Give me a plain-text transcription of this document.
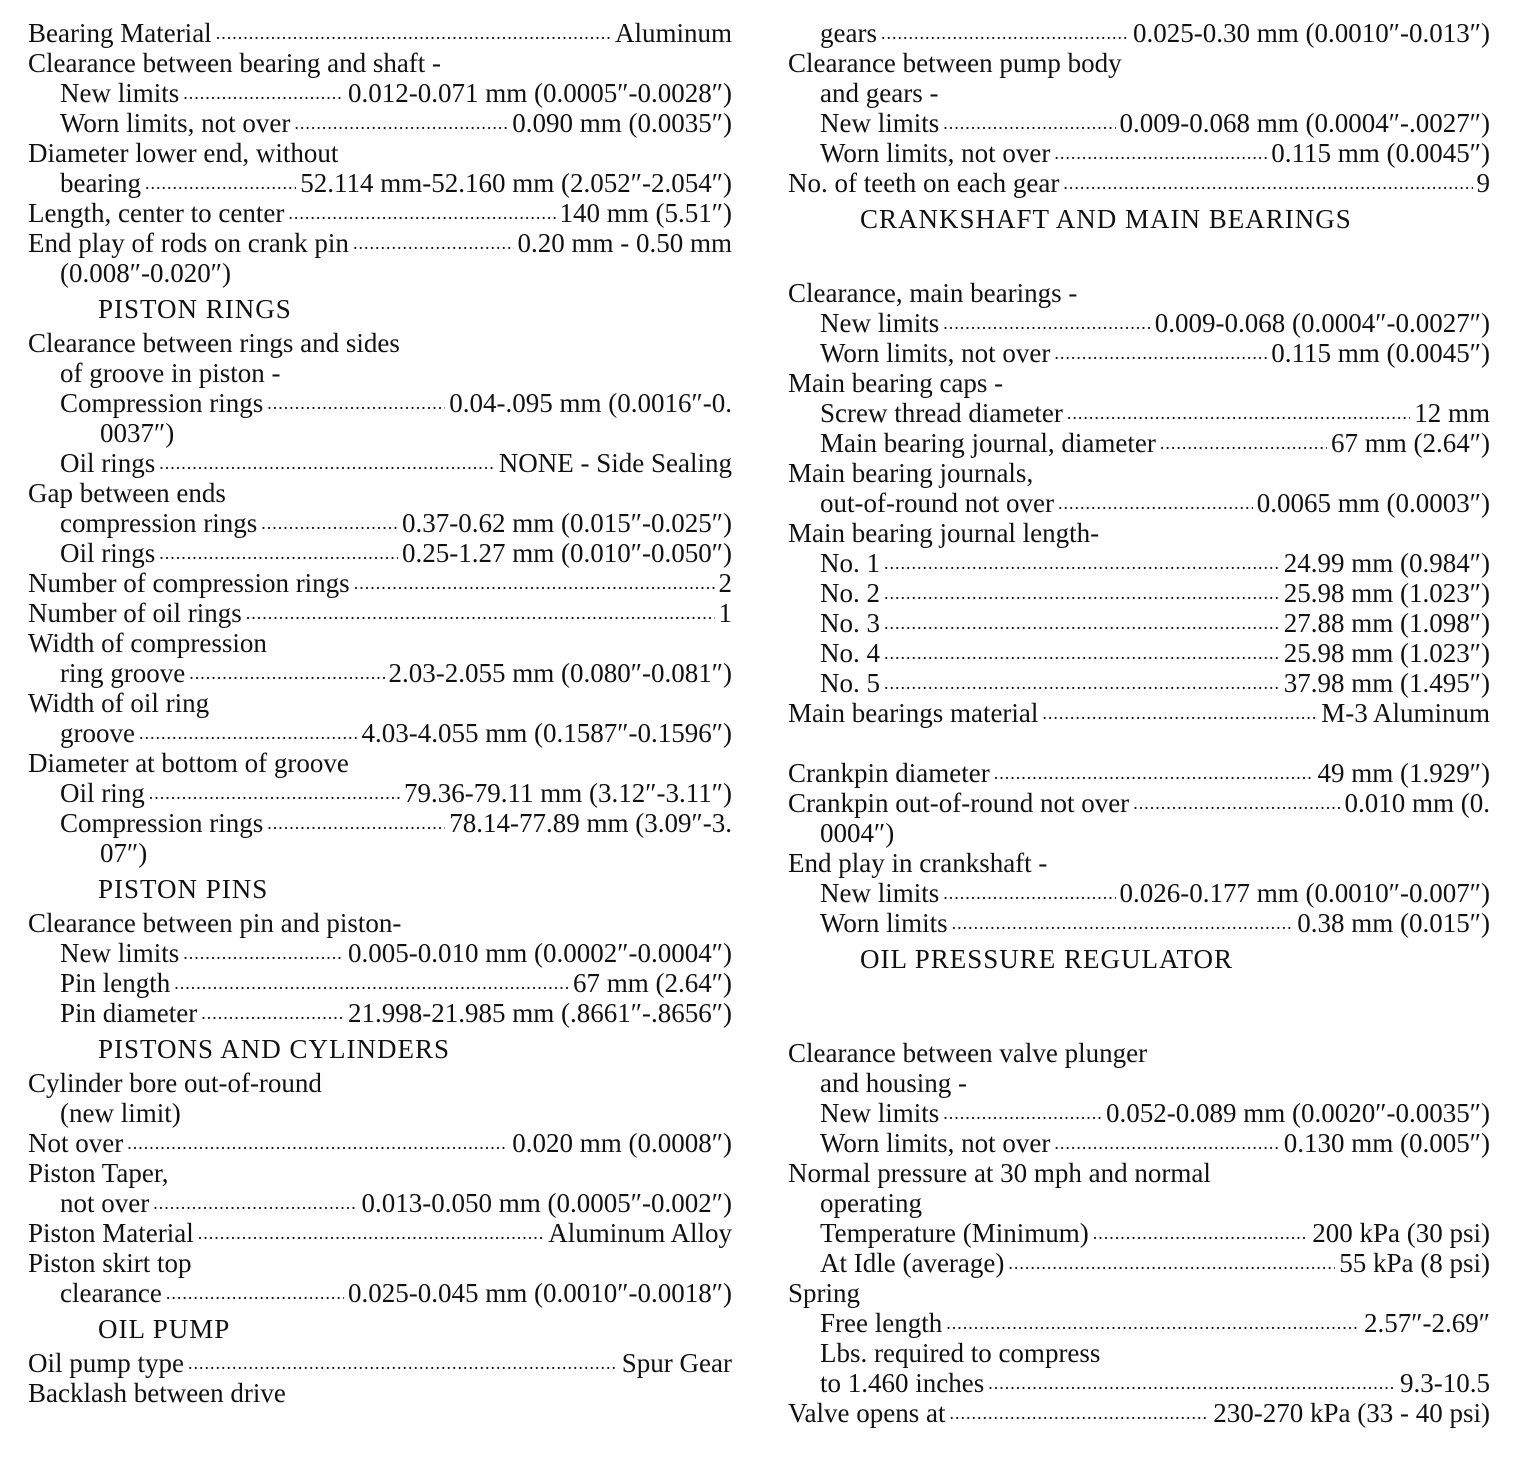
Bearing Material .....	Aluminum
Clearance between bearing and shaft -
New limits .....	0.012-0.071 mm (0.0005″-0.0028″)
Worn limits, not over .....	0.090 mm (0.0035″)
Diameter lower end, without
bearing .....	52.114 mm-52.160 mm (2.052″-2.054″)
Length, center to center .....	140 mm (5.51″)
End play of rods on crank pin .....	0.20 mm - 0.50 mm
(0.008″-0.020″)
PISTON RINGS
Clearance between rings and sides
of groove in piston -
Compression rings .....	0.04-.095 mm (0.0016″-0.
0037″)
Oil rings .....	NONE - Side Sealing
Gap between ends
compression rings .....	0.37-0.62 mm (0.015″-0.025″)
Oil rings .....	0.25-1.27 mm (0.010″-0.050″)
Number of compression rings .....	2
Number of oil rings .....	1
Width of compression
ring groove .....	2.03-2.055 mm (0.080″-0.081″)
Width of oil ring
groove .....	4.03-4.055 mm (0.1587″-0.1596″)
Diameter at bottom of groove
Oil ring .....	79.36-79.11 mm (3.12″-3.11″)
Compression rings .....	78.14-77.89 mm (3.09″-3.
07″)
PISTON PINS
Clearance between pin and piston-
New limits .....	0.005-0.010 mm (0.0002″-0.0004″)
Pin length .....	67 mm (2.64″)
Pin diameter .....	21.998-21.985 mm (.8661″-.8656″)
PISTONS AND CYLINDERS
Cylinder bore out-of-round
(new limit)
Not over .....	0.020 mm (0.0008″)
Piston Taper,
not over .....	0.013-0.050 mm (0.0005″-0.002″)
Piston Material .....	Aluminum Alloy
Piston skirt top
clearance .....	0.025-0.045 mm (0.0010″-0.0018″)
OIL PUMP
Oil pump type .....	Spur Gear
Backlash between drive
gears .....	0.025-0.30 mm (0.0010″-0.013″)
Clearance between pump body
and gears -
New limits .....	0.009-0.068 mm (0.0004″-.0027″)
Worn limits, not over .....	0.115 mm (0.0045″)
No. of teeth on each gear .....	9
CRANKSHAFT AND MAIN BEARINGS
Clearance, main bearings -
New limits .....	0.009-0.068 (0.0004″-0.0027″)
Worn limits, not over .....	0.115 mm (0.0045″)
Main bearing caps -
Screw thread diameter .....	12 mm
Main bearing journal, diameter .....	67 mm (2.64″)
Main bearing journals,
out-of-round not over .....	0.0065 mm (0.0003″)
Main bearing journal length-
No. 1 .....	24.99 mm (0.984″)
No. 2 .....	25.98 mm (1.023″)
No. 3 .....	27.88 mm (1.098″)
No. 4 .....	25.98 mm (1.023″)
No. 5 .....	37.98 mm (1.495″)
Main bearings material .....	M-3 Aluminum
Crankpin diameter .....	49 mm (1.929″)
Crankpin out-of-round not over .....	0.010 mm (0.
0004″)
End play in crankshaft -
New limits .....	0.026-0.177 mm (0.0010″-0.007″)
Worn limits .....	0.38 mm (0.015″)
OIL PRESSURE REGULATOR
Clearance between valve plunger
and housing -
New limits .....	0.052-0.089 mm (0.0020″-0.0035″)
Worn limits, not over .....	0.130 mm (0.005″)
Normal pressure at 30 mph and normal
operating
Temperature (Minimum) .....	200 kPa (30 psi)
At Idle (average) .....	55 kPa (8 psi)
Spring
Free length .....	2.57″-2.69″
Lbs. required to compress
to 1.460 inches .....	9.3-10.5
Valve opens at .....	230-270 kPa (33 - 40 psi)
